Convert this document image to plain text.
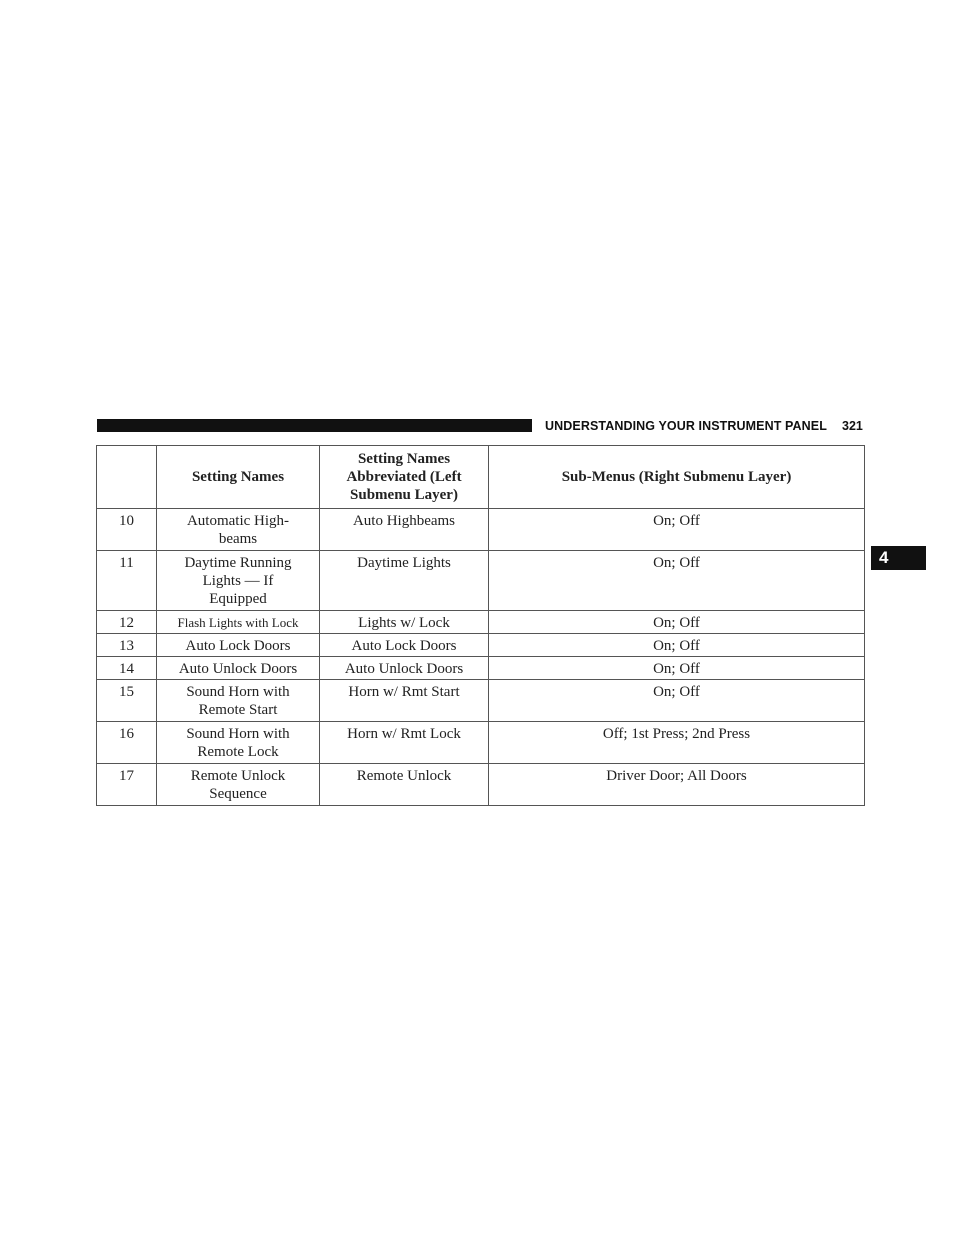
UNDERSTANDING YOUR INSTRUMENT PANEL 321
4
	Setting Names	Setting Names Abbreviated (Left Submenu Layer)	Sub-Menus (Right Submenu Layer)
10	Automatic High-beams	Auto Highbeams	On; Off
11	Daytime Running Lights — If Equipped	Daytime Lights	On; Off
12	Flash Lights with Lock	Lights w/ Lock	On; Off
13	Auto Lock Doors	Auto Lock Doors	On; Off
14	Auto Unlock Doors	Auto Unlock Doors	On; Off
15	Sound Horn with Remote Start	Horn w/ Rmt Start	On; Off
16	Sound Horn with Remote Lock	Horn w/ Rmt Lock	Off; 1st Press; 2nd Press
17	Remote Unlock Sequence	Remote Unlock	Driver Door; All Doors
